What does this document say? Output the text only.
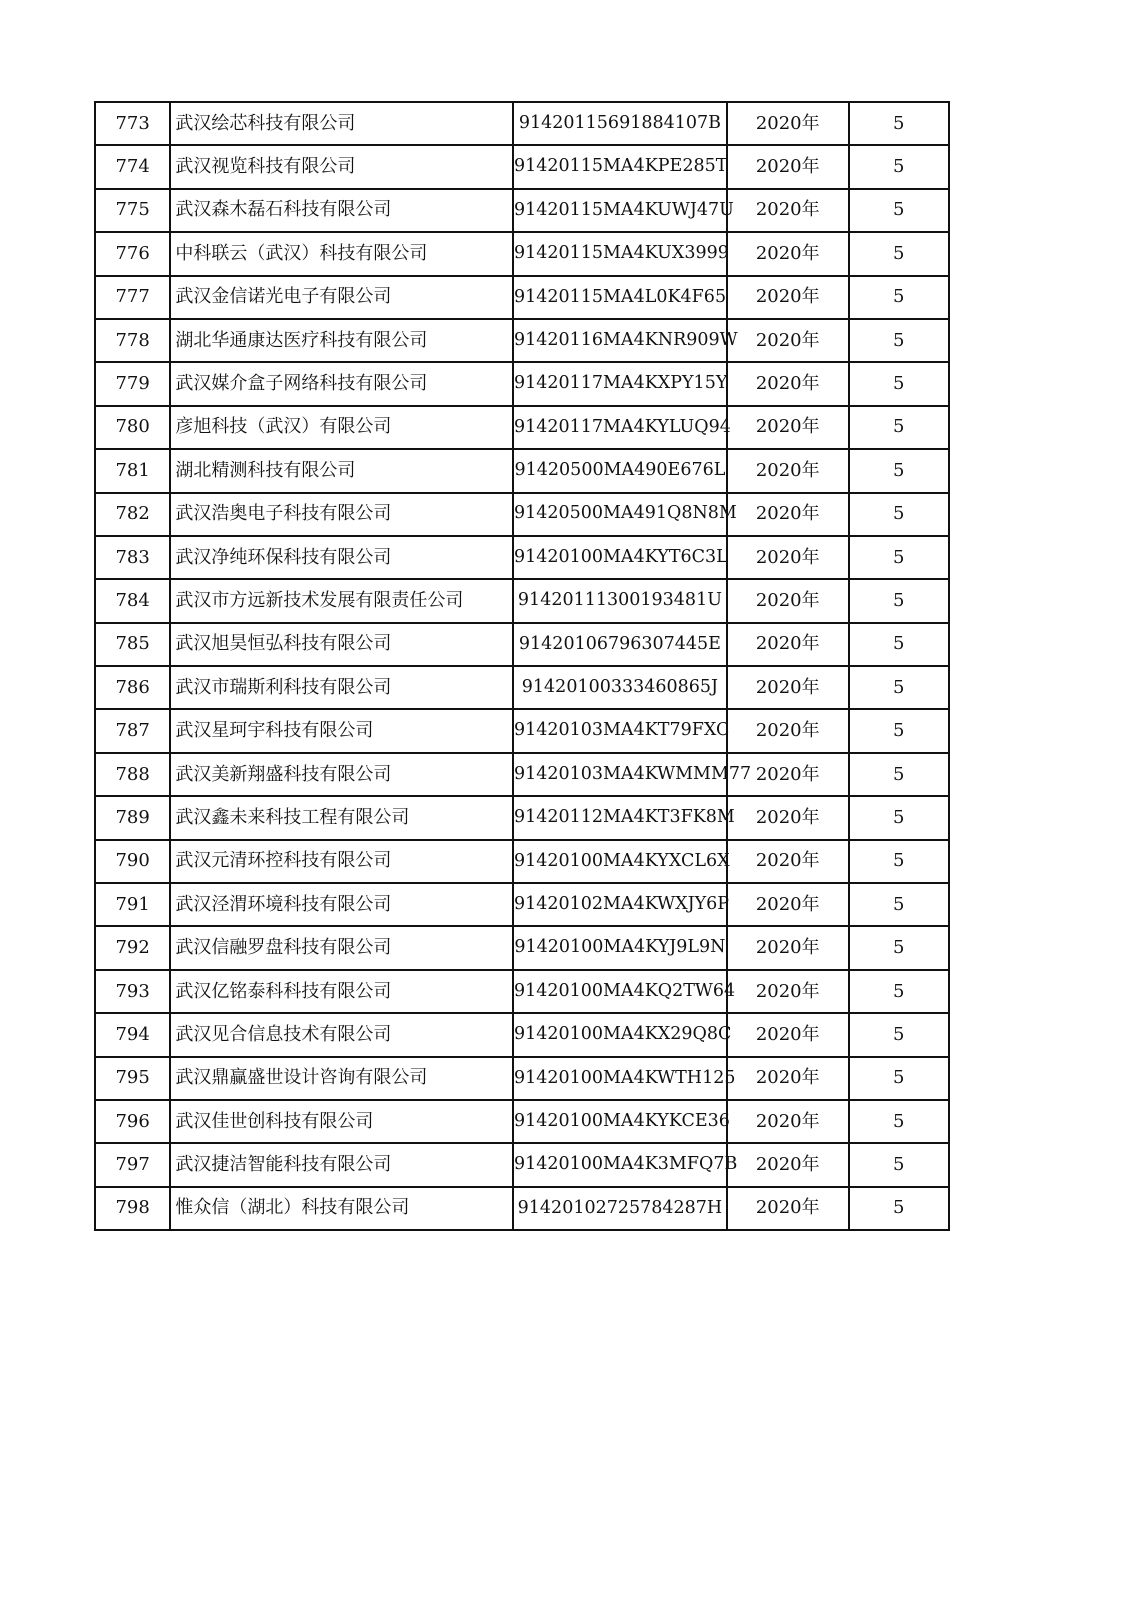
773	武汉绘芯科技有限公司	91420115691884107B	2020年	5
774	武汉视览科技有限公司	91420115MA4KPE285T	2020年	5
775	武汉森木磊石科技有限公司	91420115MA4KUWJ47U	2020年	5
776	中科联云（武汉）科技有限公司	91420115MA4KUX3999	2020年	5
777	武汉金信诺光电子有限公司	91420115MA4L0K4F65	2020年	5
778	湖北华通康达医疗科技有限公司	91420116MA4KNR909W	2020年	5
779	武汉媒介盒子网络科技有限公司	91420117MA4KXPY15Y	2020年	5
780	彦旭科技（武汉）有限公司	91420117MA4KYLUQ94	2020年	5
781	湖北精测科技有限公司	91420500MA490E676L	2020年	5
782	武汉浩奥电子科技有限公司	91420500MA491Q8N8M	2020年	5
783	武汉净纯环保科技有限公司	91420100MA4KYT6C3L	2020年	5
784	武汉市方远新技术发展有限责任公司	91420111300193481U	2020年	5
785	武汉旭昊恒弘科技有限公司	91420106796307445E	2020年	5
786	武汉市瑞斯利科技有限公司	91420100333460865J	2020年	5
787	武汉星珂宇科技有限公司	91420103MA4KT79FXC	2020年	5
788	武汉美新翔盛科技有限公司	91420103MA4KWMMM77	2020年	5
789	武汉鑫未来科技工程有限公司	91420112MA4KT3FK8M	2020年	5
790	武汉元清环控科技有限公司	91420100MA4KYXCL6X	2020年	5
791	武汉泾渭环境科技有限公司	91420102MA4KWXJY6P	2020年	5
792	武汉信融罗盘科技有限公司	91420100MA4KYJ9L9N	2020年	5
793	武汉亿铭泰科科技有限公司	91420100MA4KQ2TW64	2020年	5
794	武汉见合信息技术有限公司	91420100MA4KX29Q8C	2020年	5
795	武汉鼎赢盛世设计咨询有限公司	91420100MA4KWTH125	2020年	5
796	武汉佳世创科技有限公司	91420100MA4KYKCE36	2020年	5
797	武汉捷洁智能科技有限公司	91420100MA4K3MFQ7B	2020年	5
798	惟众信（湖北）科技有限公司	91420102725784287H	2020年	5
